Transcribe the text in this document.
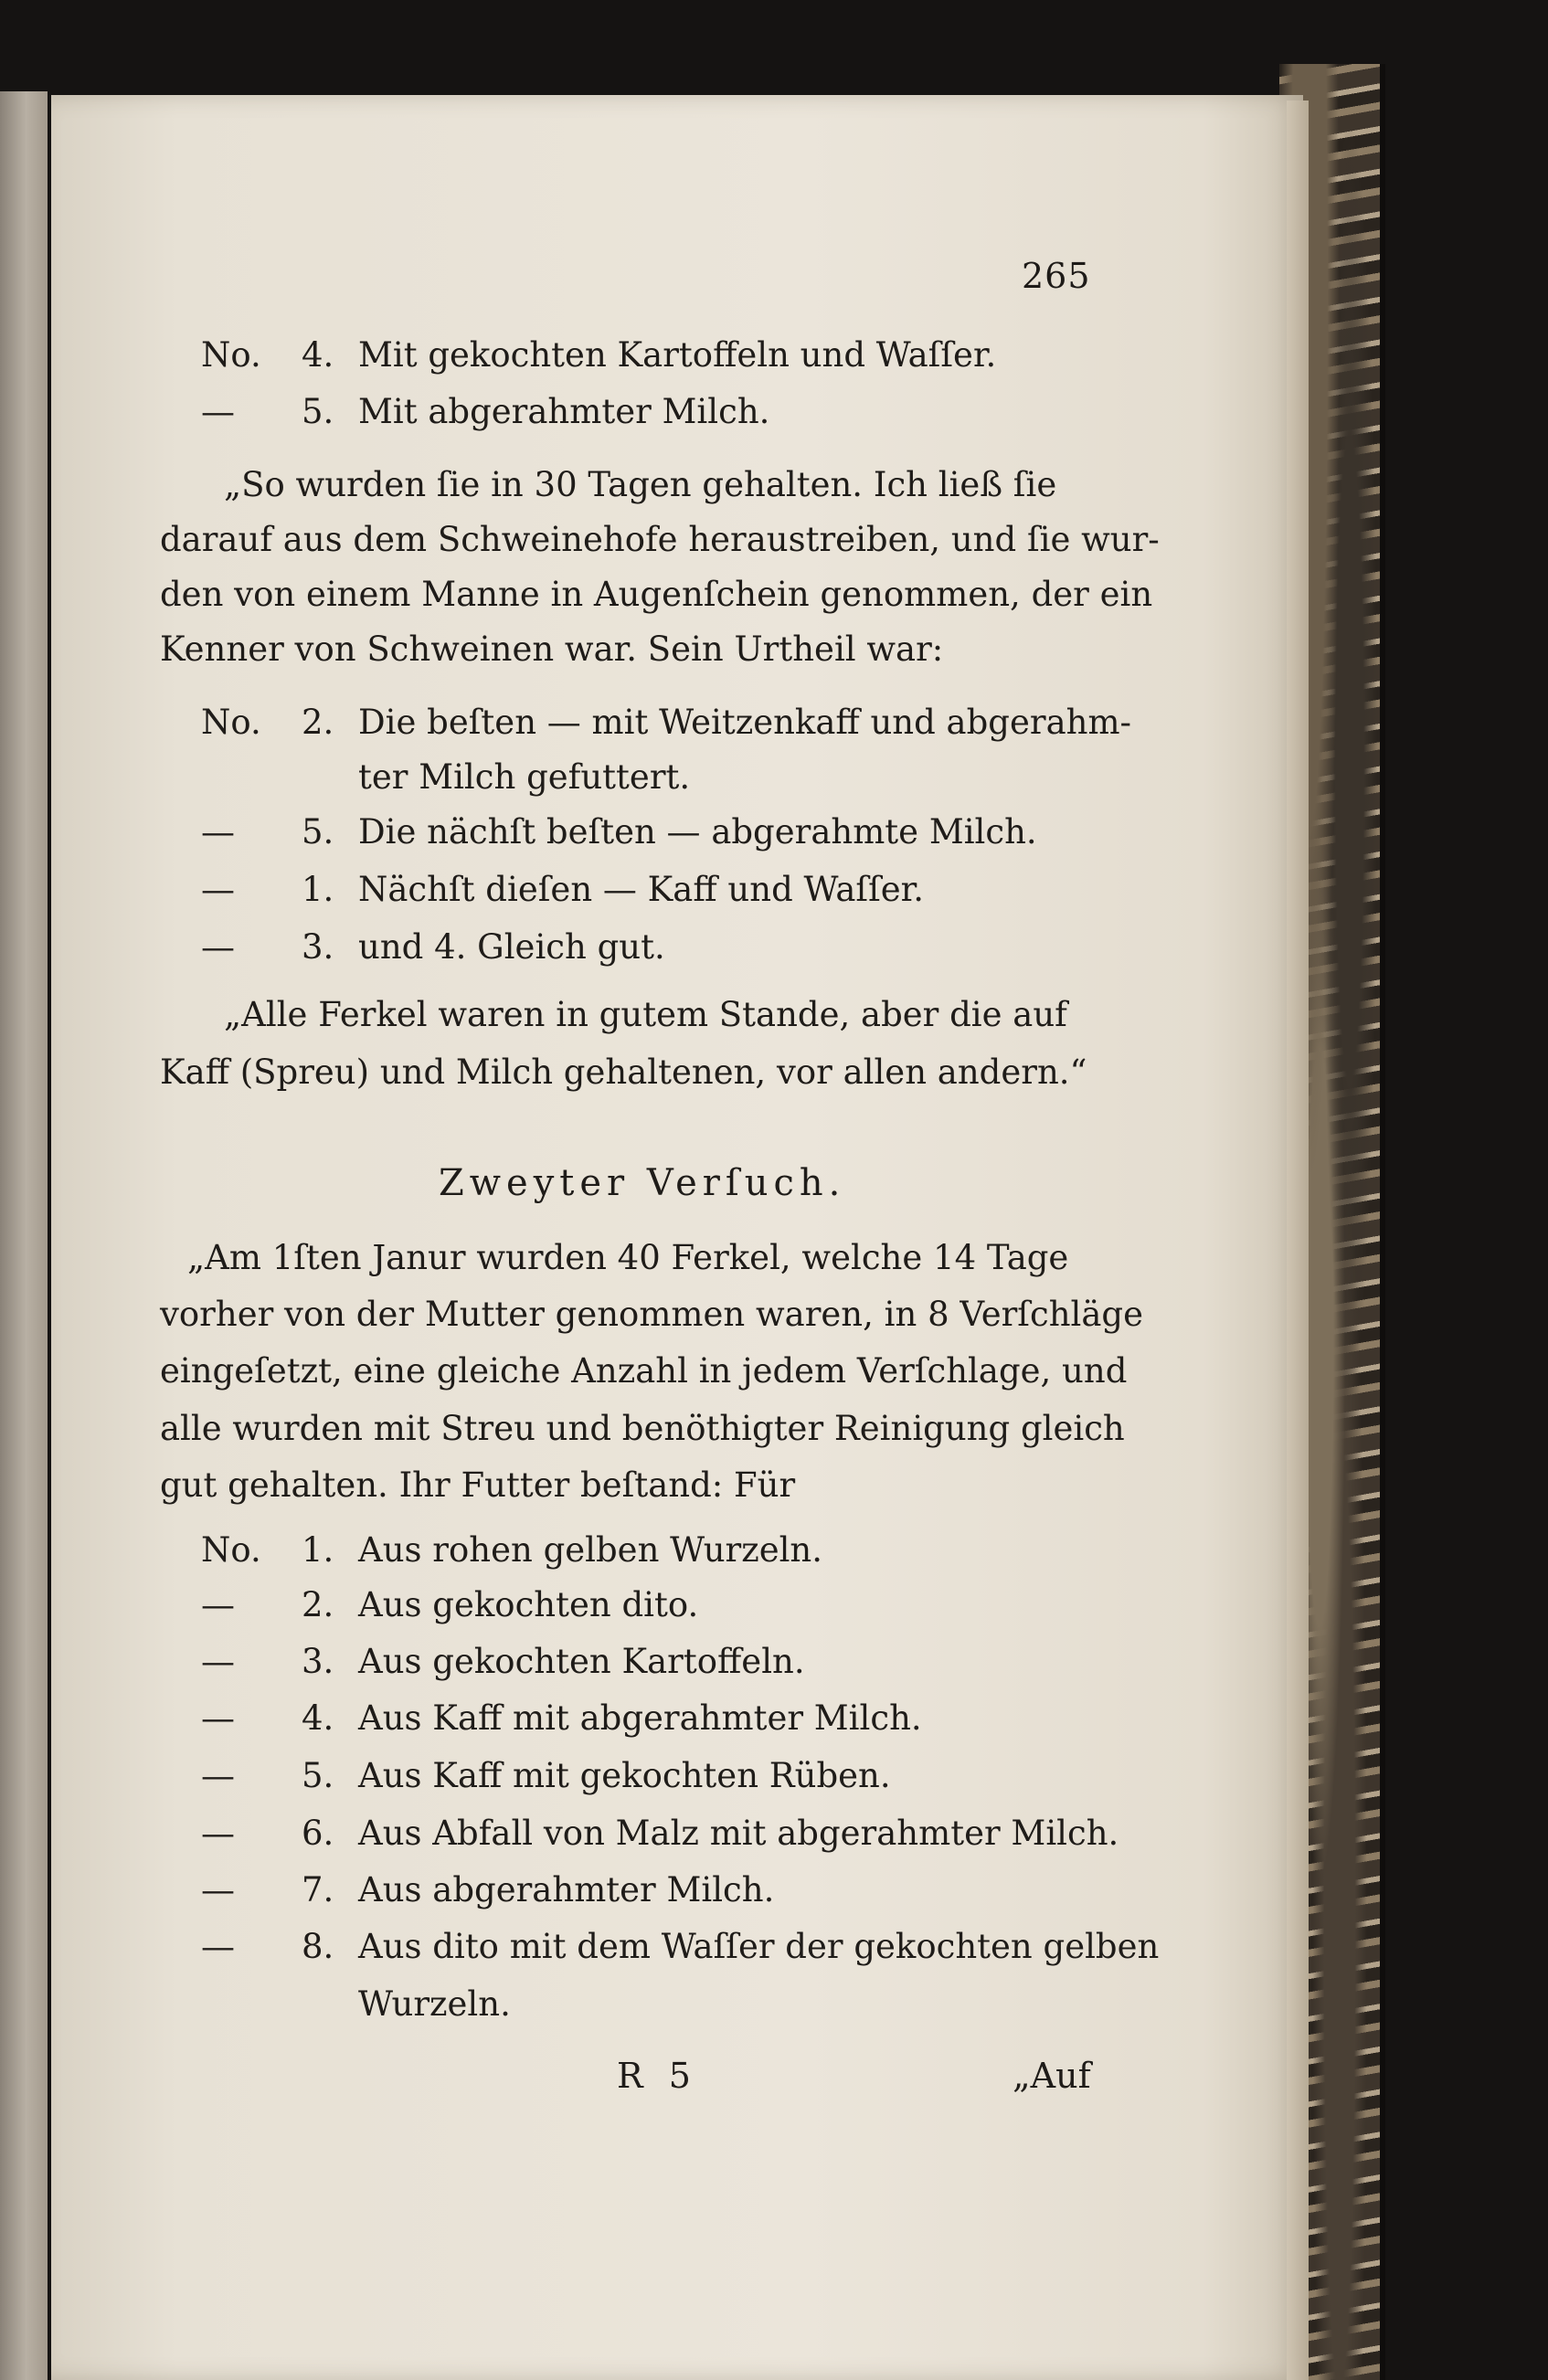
265
No. 4. Mit gekochten Kartoffeln und Waſſer.
— 5. Mit abgerahmter Milch.
„So wurden ſie in 30 Tagen gehalten. Ich ließ ſie
darauf aus dem Schweinehofe heraustreiben, und ſie wur-
den von einem Manne in Augenſchein genommen, der ein
Kenner von Schweinen war. Sein Urtheil war:
No. 2. Die beſten — mit Weitzenkaff und abgerahm-
ter Milch gefuttert.
— 5. Die nächſt beſten — abgerahmte Milch.
— 1. Nächſt dieſen — Kaff und Waſſer.
— 3. und 4. Gleich gut.
„Alle Ferkel waren in gutem Stande, aber die auf
Kaff (Spreu) und Milch gehaltenen, vor allen andern.“
Zweyter Verſuch.
„Am 1ſten Janur wurden 40 Ferkel, welche 14 Tage
vorher von der Mutter genommen waren, in 8 Verſchläge
eingeſetzt, eine gleiche Anzahl in jedem Verſchlage, und
alle wurden mit Streu und benöthigter Reinigung gleich
gut gehalten. Ihr Futter beſtand: Für
No. 1. Aus rohen gelben Wurzeln.
— 2. Aus gekochten dito.
— 3. Aus gekochten Kartoffeln.
— 4. Aus Kaff mit abgerahmter Milch.
— 5. Aus Kaff mit gekochten Rüben.
— 6. Aus Abfall von Malz mit abgerahmter Milch.
— 7. Aus abgerahmter Milch.
— 8. Aus dito mit dem Waſſer der gekochten gelben
Wurzeln.
R 5	„Auf
